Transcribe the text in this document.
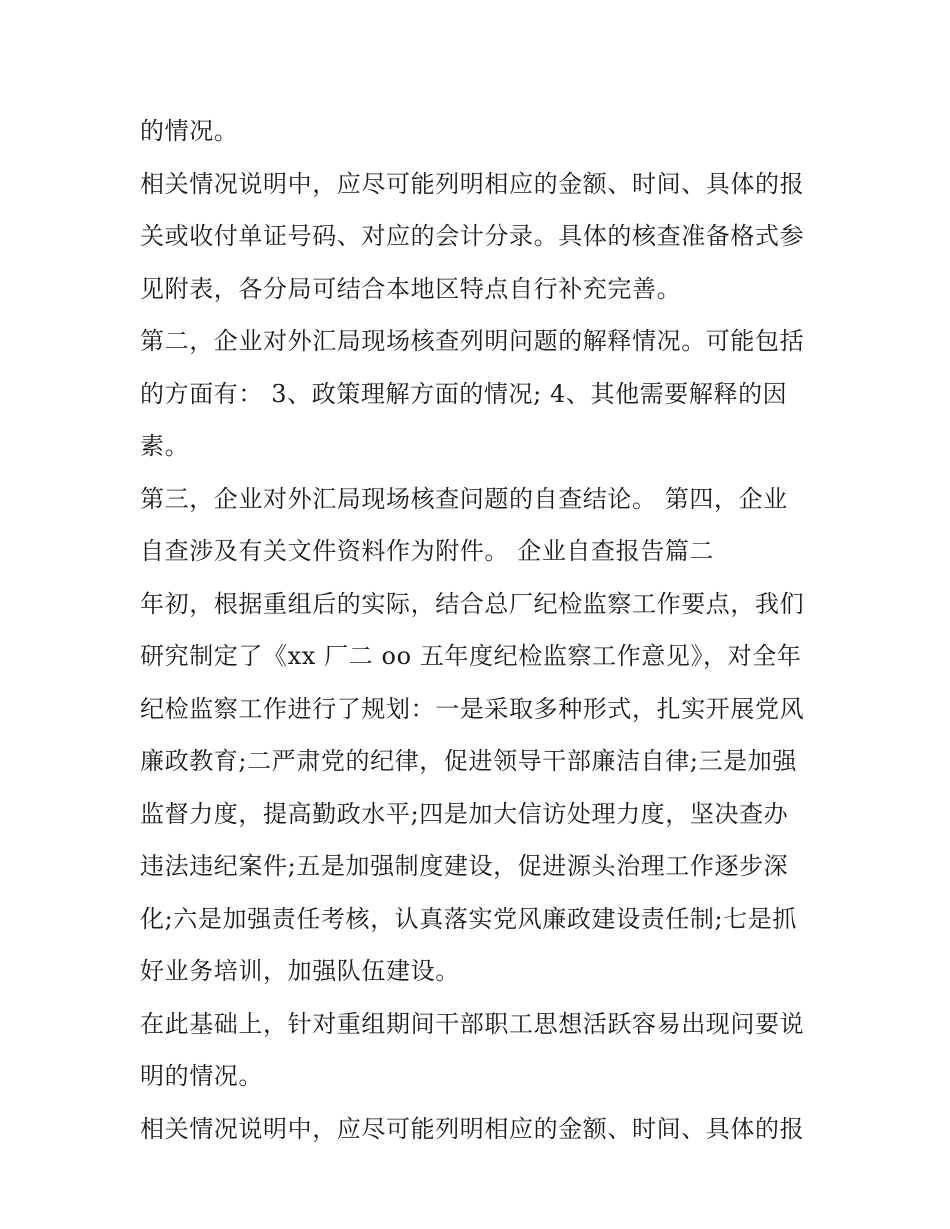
的情况。
相关情况说明中，应尽可能列明相应的金额、时间、具体的报
关或收付单证号码、对应的会计分录。具体的核查准备格式参
见附表，各分局可结合本地区特点自行补充完善。
第二，企业对外汇局现场核查列明问题的解释情况。可能包括
的方面有： 3、政策理解方面的情况; 4、其他需要解释的因
素。
第三，企业对外汇局现场核查问题的自查结论。 第四，企业
自查涉及有关文件资料作为附件。 企业自查报告篇二
年初，根据重组后的实际，结合总厂纪检监察工作要点，我们
研究制定了《xx 厂二 oo 五年度纪检监察工作意见》，对全年
纪检监察工作进行了规划：一是采取多种形式，扎实开展党风
廉政教育;二严肃党的纪律，促进领导干部廉洁自律;三是加强
监督力度，提高勤政水平;四是加大信访处理力度，坚决查办
违法违纪案件;五是加强制度建设，促进源头治理工作逐步深
化;六是加强责任考核，认真落实党风廉政建设责任制;七是抓
好业务培训，加强队伍建设。
在此基础上，针对重组期间干部职工思想活跃容易出现问要说
明的情况。
相关情况说明中，应尽可能列明相应的金额、时间、具体的报
